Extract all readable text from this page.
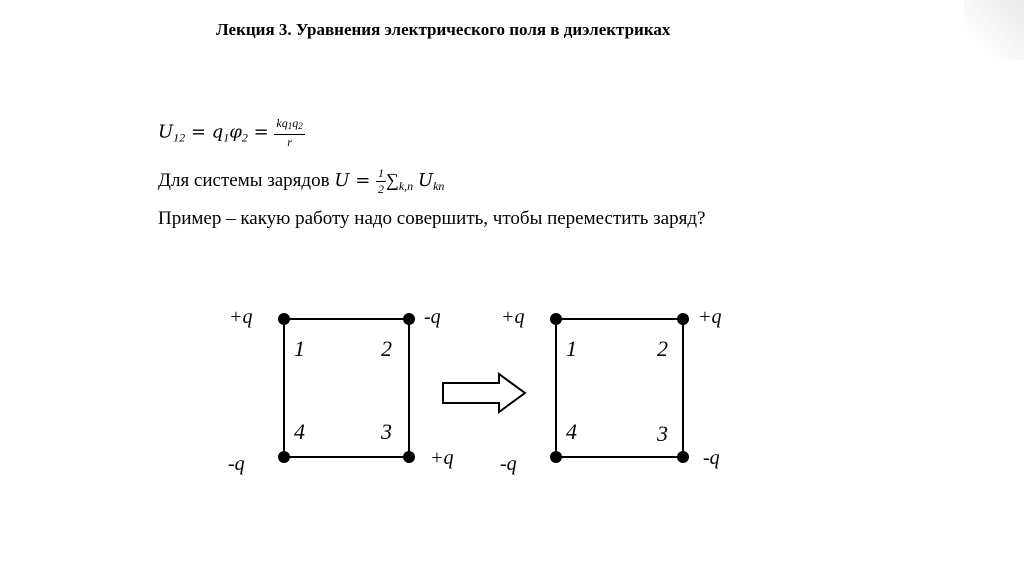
Лекция 3. Уравнения электрического поля в диэлектриках
$U_{12} = q_1\varphi_2 = \frac{kq1q2}{r}$
Для системы зарядов $U = \frac{1}{2} \sum_{k,n}$ $U_{kn}$
Пример – какую работу надо совершить, чтобы переместить заряд?
+q	-q
+q
-q
1	2
3
4
+q	+q
-q
-q
1	2
3
4
